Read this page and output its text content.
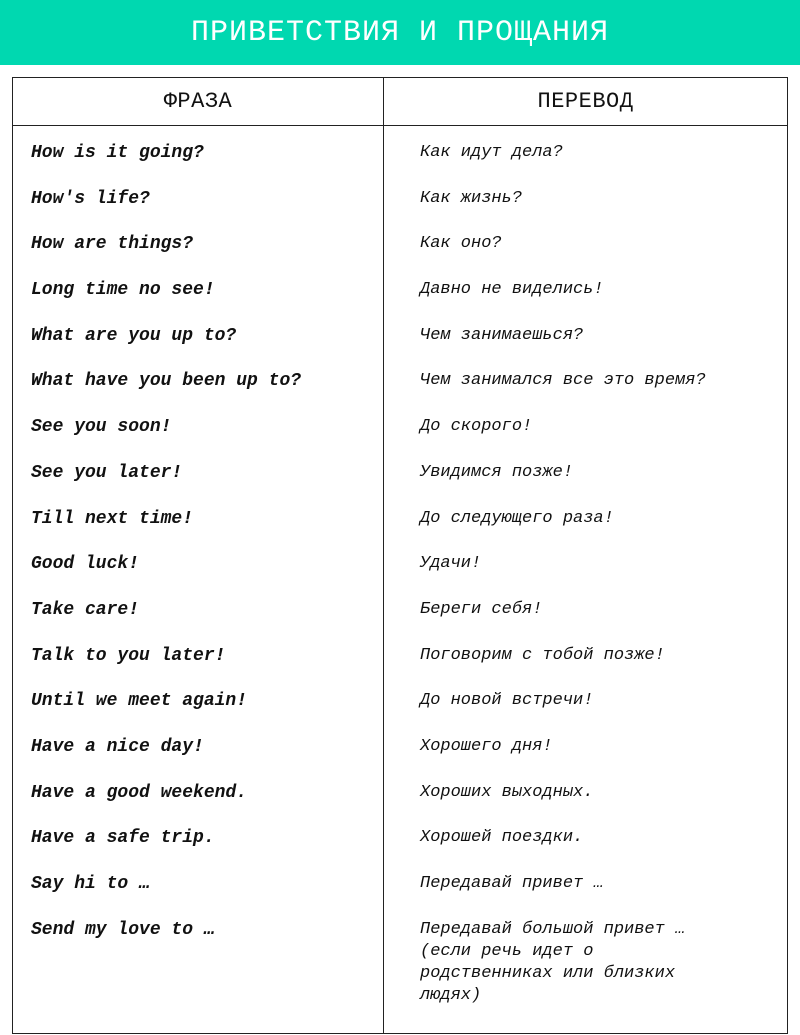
ПРИВЕТСТВИЯ И ПРОЩАНИЯ
ФРАЗА	ПЕРЕВОД
How is it going?	Как идут дела?
How's life?	Как жизнь?
How are things?	Как оно?
Long time no see!	Давно не виделись!
What are you up to?	Чем занимаешься?
What have you been up to?	Чем занимался все это время?
See you soon!	До скорого!
See you later!	Увидимся позже!
Till next time!	До следующего раза!
Good luck!	Удачи!
Take care!	Береги себя!
Talk to you later!	Поговорим с тобой позже!
Until we meet again!	До новой встречи!
Have a nice day!	Хорошего дня!
Have a good weekend.	Хороших выходных.
Have a safe trip.	Хорошей поездки.
Say hi to …	Передавай привет …
Send my love to …	Передавай большой привет …
(если речь идет о
родственниках или близких
людях)
